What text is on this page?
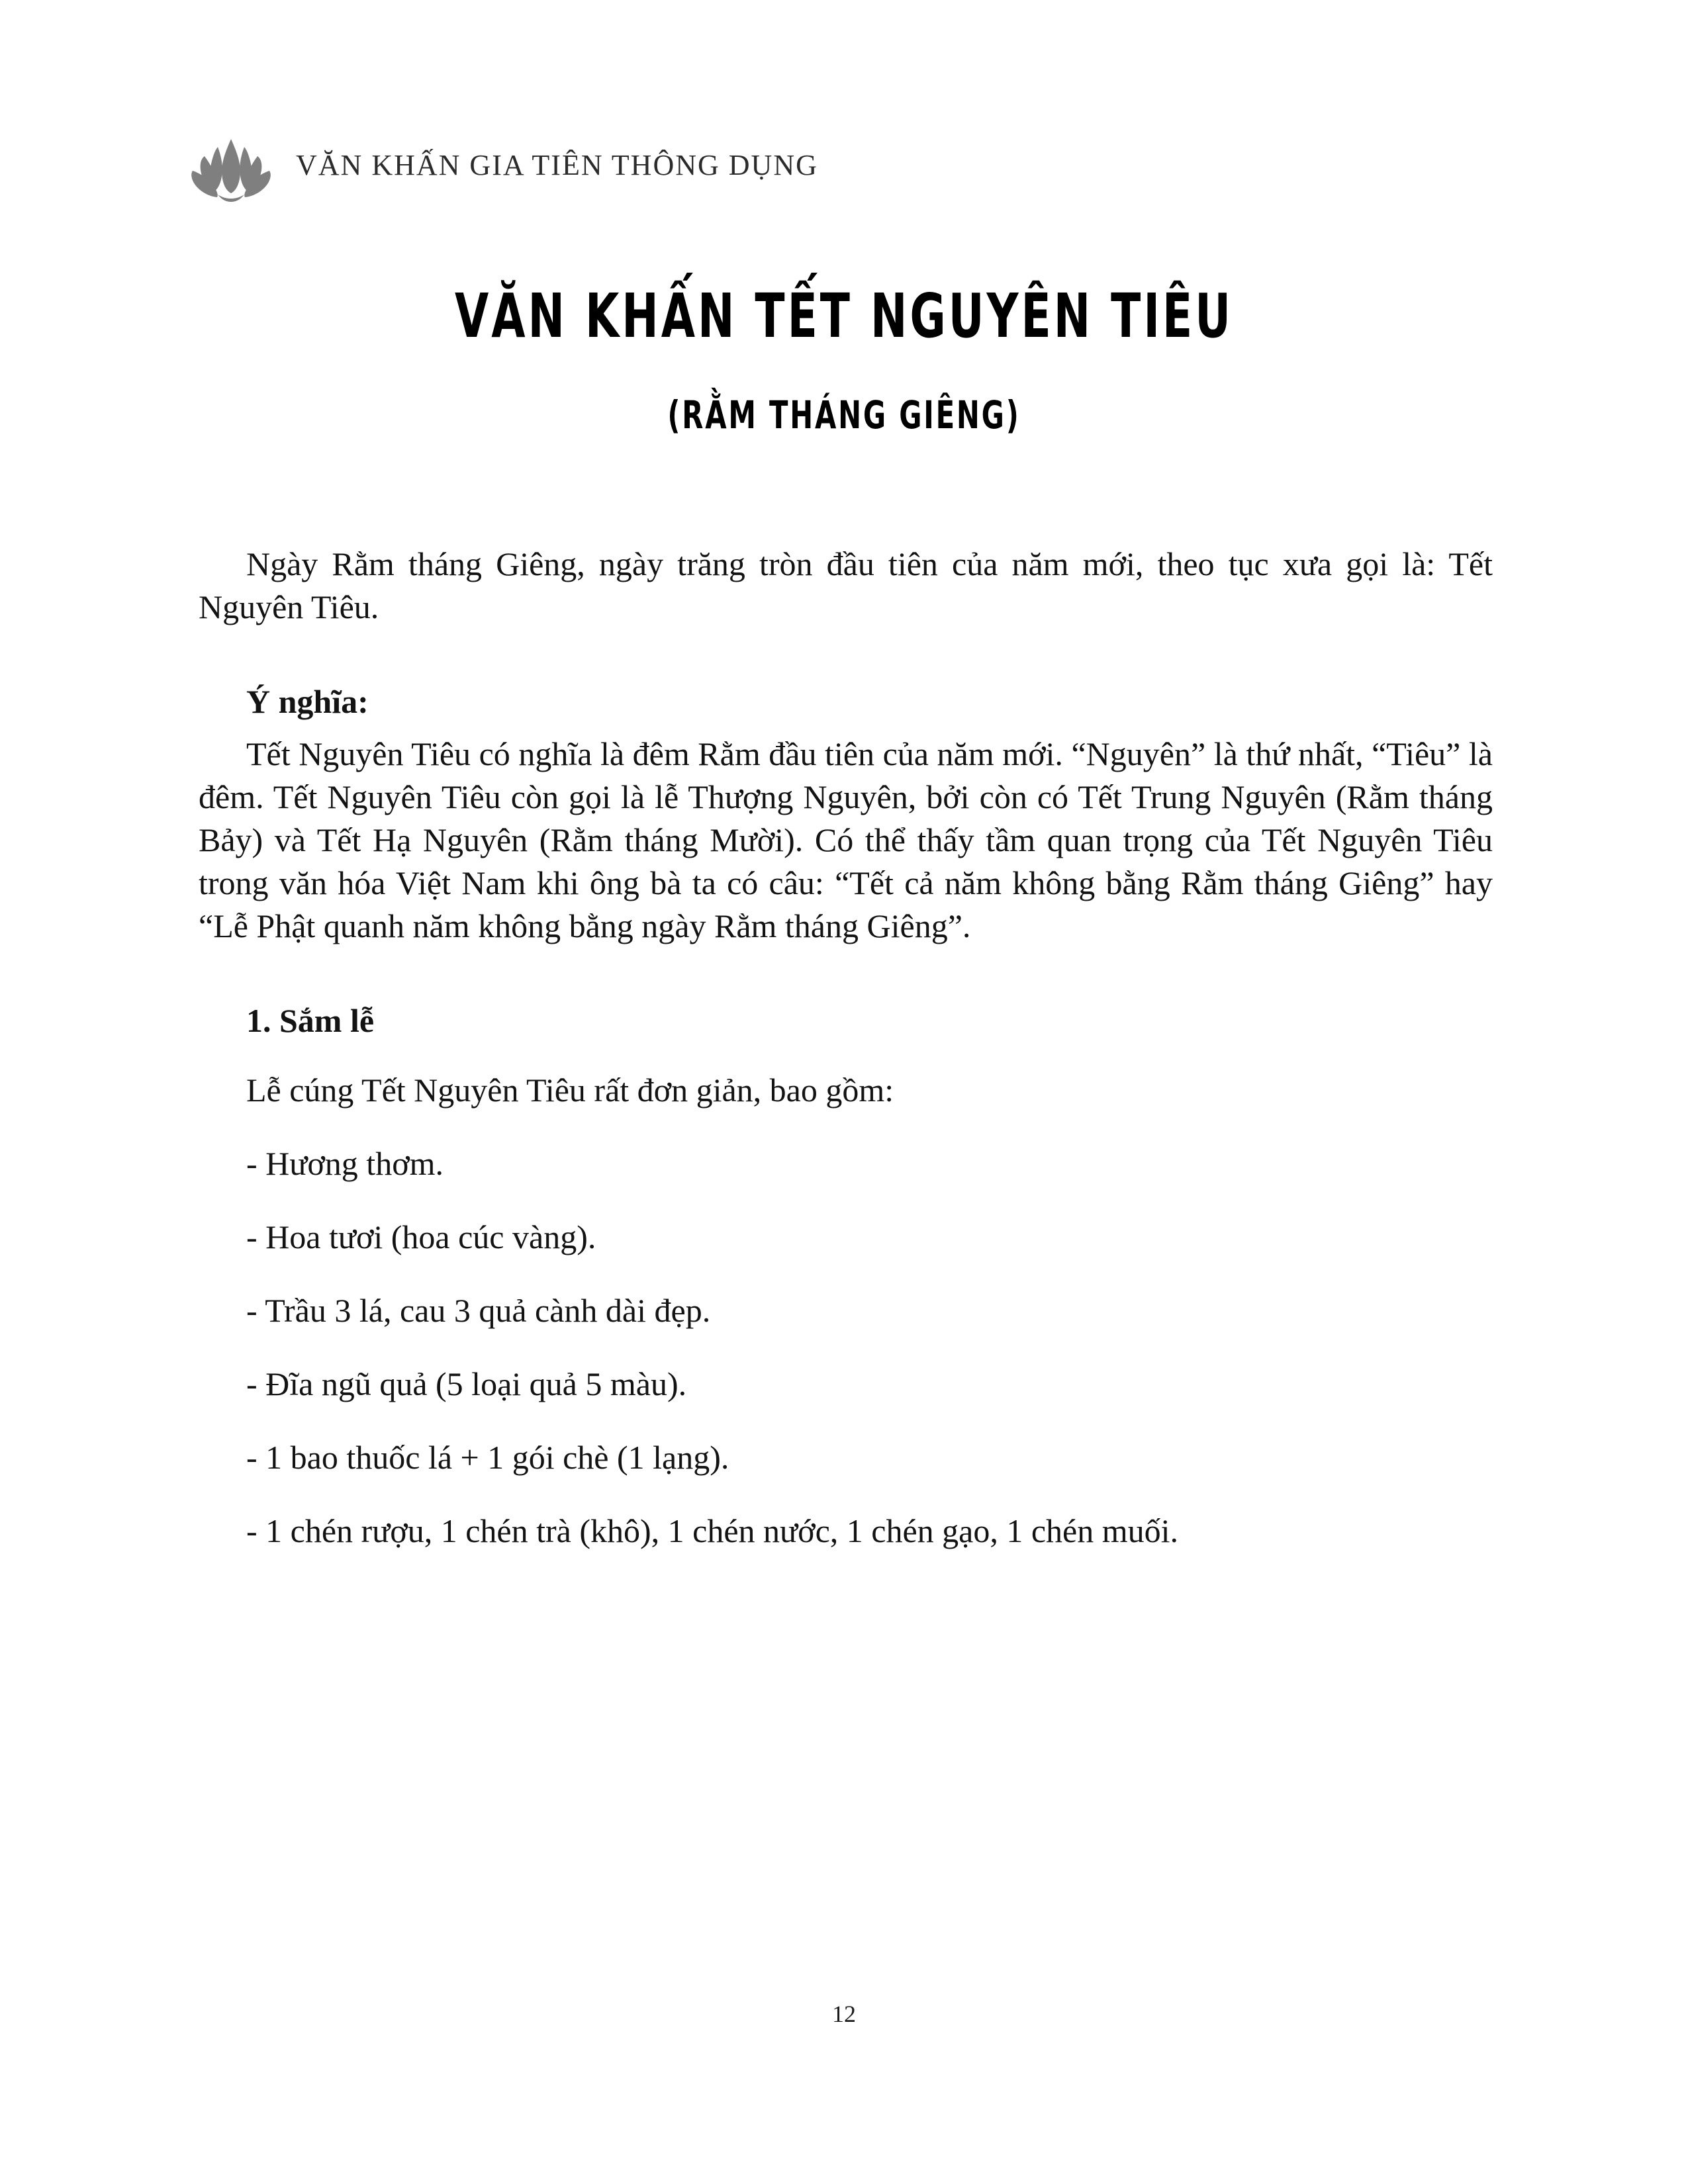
VĂN KHẤN GIA TIÊN THÔNG DỤNG
VĂN KHẤN TẾT NGUYÊN TIÊU
(RẰM THÁNG GIÊNG)

Ngày Rằm tháng Giêng, ngày trăng tròn đầu tiên của năm mới, theo tục xưa gọi là: Tết Nguyên Tiêu.

Ý nghĩa:

Tết Nguyên Tiêu có nghĩa là đêm Rằm đầu tiên của năm mới. “Nguyên” là thứ nhất, “Tiêu” là đêm. Tết Nguyên Tiêu còn gọi là lễ Thượng Nguyên, bởi còn có Tết Trung Nguyên (Rằm tháng Bảy) và Tết Hạ Nguyên (Rằm tháng Mười). Có thể thấy tầm quan trọng của Tết Nguyên Tiêu trong văn hóa Việt Nam khi ông bà ta có câu: “Tết cả năm không bằng Rằm tháng Giêng” hay “Lễ Phật quanh năm không bằng ngày Rằm tháng Giêng”.

1. Sắm lễ

Lễ cúng Tết Nguyên Tiêu rất đơn giản, bao gồm:

- Hương thơm.
- Hoa tươi (hoa cúc vàng).
- Trầu 3 lá, cau 3 quả cành dài đẹp.
- Đĩa ngũ quả (5 loại quả 5 màu).
- 1 bao thuốc lá + 1 gói chè (1 lạng).
- 1 chén rượu, 1 chén trà (khô), 1 chén nước, 1 chén gạo, 1 chén muối.
12
